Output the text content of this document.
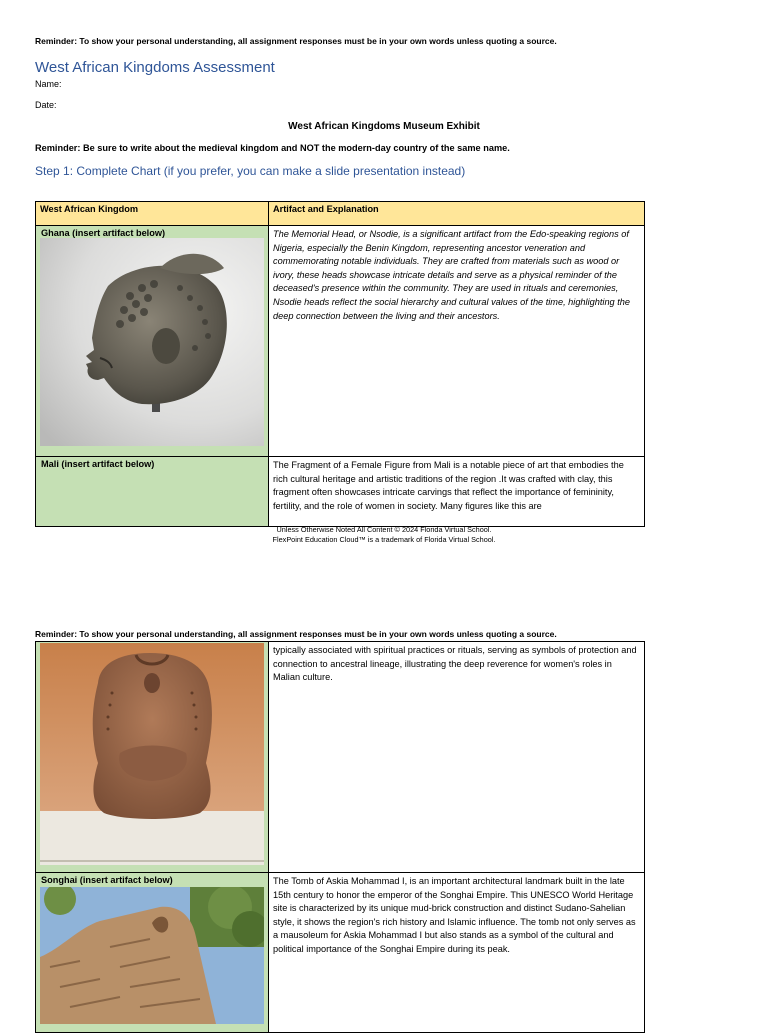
Reminder: To show your personal understanding, all assignment responses must be in your own words unless quoting a source.
West African Kingdoms Assessment
Name:
Date:
West African Kingdoms Museum Exhibit
Reminder: Be sure to write about the medieval kingdom and NOT the modern-day country of the same name.
Step 1: Complete Chart (if you prefer, you can make a slide presentation instead)
West African Kingdom	Artifact and Explanation

Ghana (insert artifact below)	The Memorial Head, or Nsodie, is a significant artifact from the Edo-speaking regions of Nigeria, especially the Benin Kingdom, representing ancestor veneration and commemorating notable individuals. They are crafted from materials such as wood or ivory, these heads showcase intricate details and serve as a physical reminder of the deceased's presence within the community. They are used in rituals and ceremonies, Nsodie heads reflect the social hierarchy and cultural values of the time, highlighting the deep connection between the living and their ancestors.

Mali (insert artifact below)	The Fragment of a Female Figure from Mali is a notable piece of art that embodies the rich cultural heritage and artistic traditions of the region .It was crafted with clay, this fragment often showcases intricate carvings that reflect the importance of femininity, fertility, and the role of women in society. Many figures like this are
Unless Otherwise Noted All Content © 2024 Florida Virtual School.
FlexPoint Education Cloud™ is a trademark of Florida Virtual School.
Reminder: To show your personal understanding, all assignment responses must be in your own words unless quoting a source.
	typically associated with spiritual practices or rituals, serving as symbols of protection and connection to ancestral lineage, illustrating the deep reverence for women's roles in Malian culture.

Songhai (insert artifact below)	The Tomb of Askia Mohammad I, is an important architectural landmark built in the late 15th century to honor the emperor of the Songhai Empire. This UNESCO World Heritage site is characterized by its unique mud-brick construction and distinct Sudano-Sahelian style, it shows the region's rich history and Islamic influence. The tomb not only serves as a mausoleum for Askia Mohammad I but also stands as a symbol of the cultural and political importance of the Songhai Empire during its peak.
